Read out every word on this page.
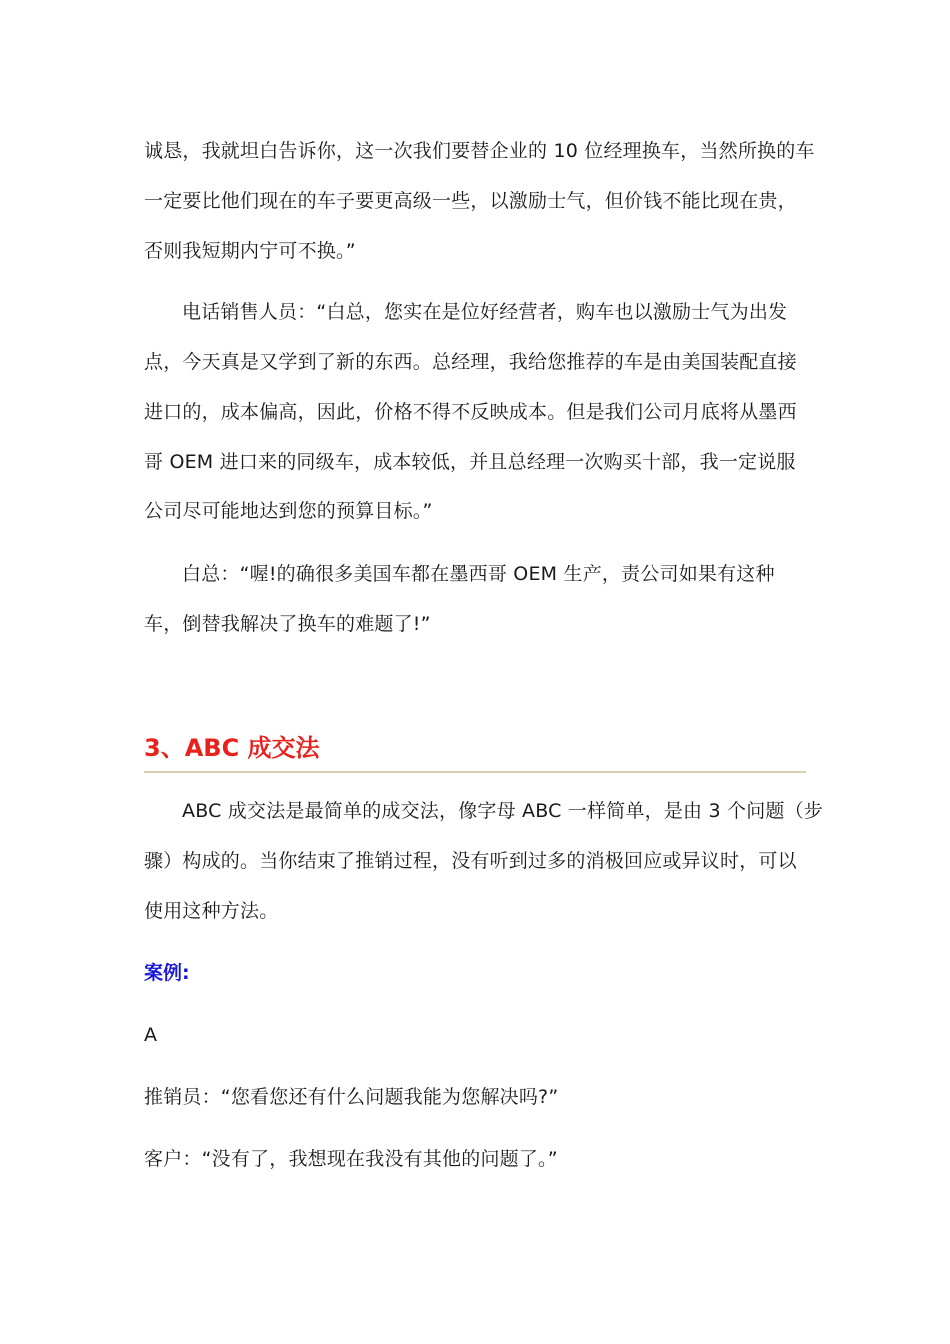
诚恳，我就坦白告诉你，这一次我们要替企业的 10 位经理换车，当然所换的车
一定要比他们现在的车子要更高级一些，以激励士气，但价钱不能比现在贵，
否则我短期内宁可不换。”
电话销售人员：“白总，您实在是位好经营者，购车也以激励士气为出发
点，今天真是又学到了新的东西。总经理，我给您推荐的车是由美国装配直接
进口的，成本偏高，因此，价格不得不反映成本。但是我们公司月底将从墨西
哥 OEM 进口来的同级车，成本较低，并且总经理一次购买十部，我一定说服
公司尽可能地达到您的预算目标。”
白总：“喔!的确很多美国车都在墨西哥 OEM 生产，责公司如果有这种
车，倒替我解决了换车的难题了!”
3、ABC 成交法
ABC 成交法是最简单的成交法，像字母 ABC 一样简单，是由 3 个问题（步
骤）构成的。当你结束了推销过程，没有听到过多的消极回应或异议时，可以
使用这种方法。
案例:
A
推销员：“您看您还有什么问题我能为您解决吗?”
客户：“没有了，我想现在我没有其他的问题了。”
